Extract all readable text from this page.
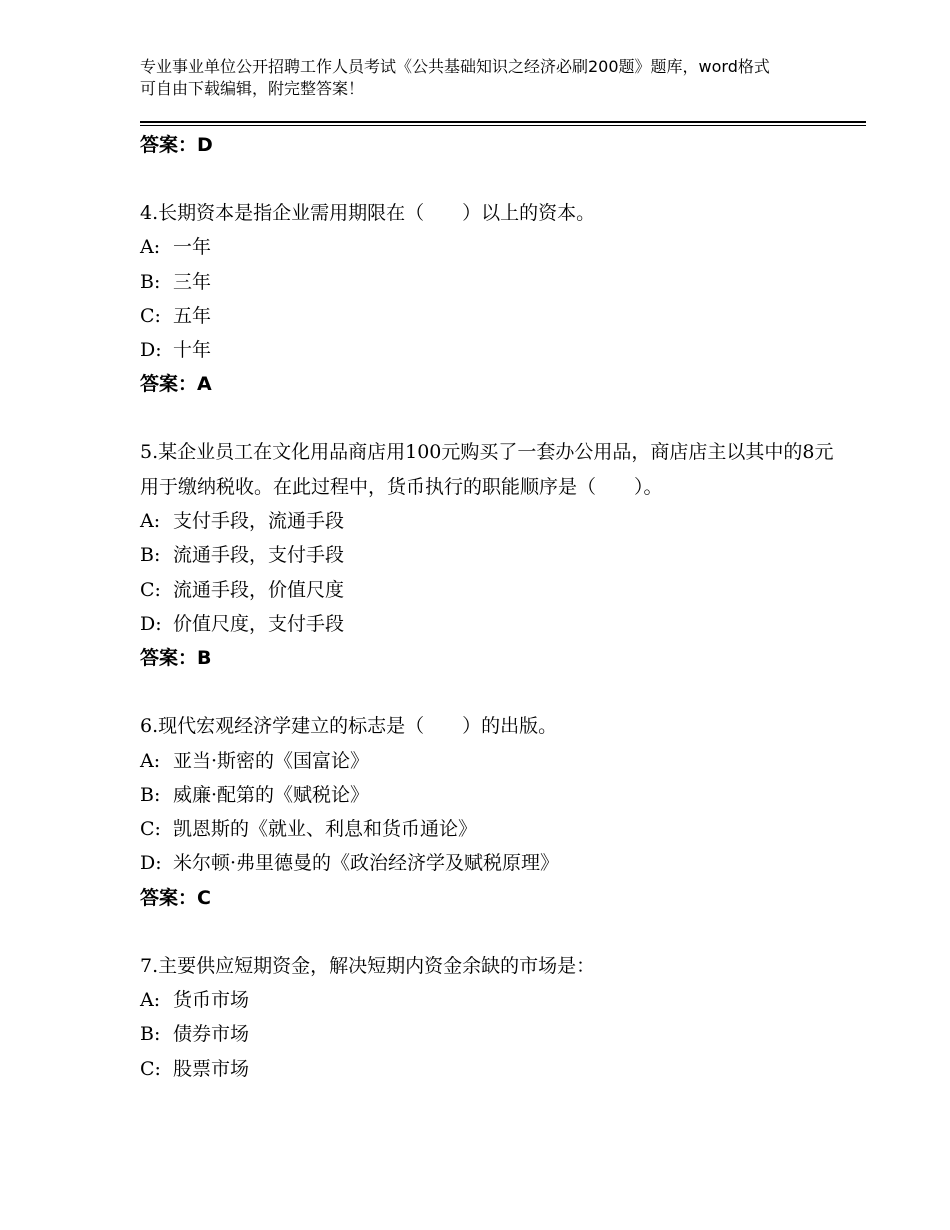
专业事业单位公开招聘工作人员考试《公共基础知识之经济必刷200题》题库，word格式可自由下载编辑，附完整答案！
答案：D
4.长期资本是指企业需用期限在（　　）以上的资本。
A: 一年
B: 三年
C: 五年
D: 十年
答案：A
5.某企业员工在文化用品商店用100元购买了一套办公用品，商店店主以其中的8元用于缴纳税收。在此过程中，货币执行的职能顺序是（　　）。
A: 支付手段，流通手段
B: 流通手段，支付手段
C: 流通手段，价值尺度
D: 价值尺度，支付手段
答案：B
6.现代宏观经济学建立的标志是（　　）的出版。
A: 亚当·斯密的《国富论》
B: 威廉·配第的《赋税论》
C: 凯恩斯的《就业、利息和货币通论》
D: 米尔顿·弗里德曼的《政治经济学及赋税原理》
答案：C
7.主要供应短期资金，解决短期内资金余缺的市场是：
A: 货币市场
B: 债券市场
C: 股票市场
